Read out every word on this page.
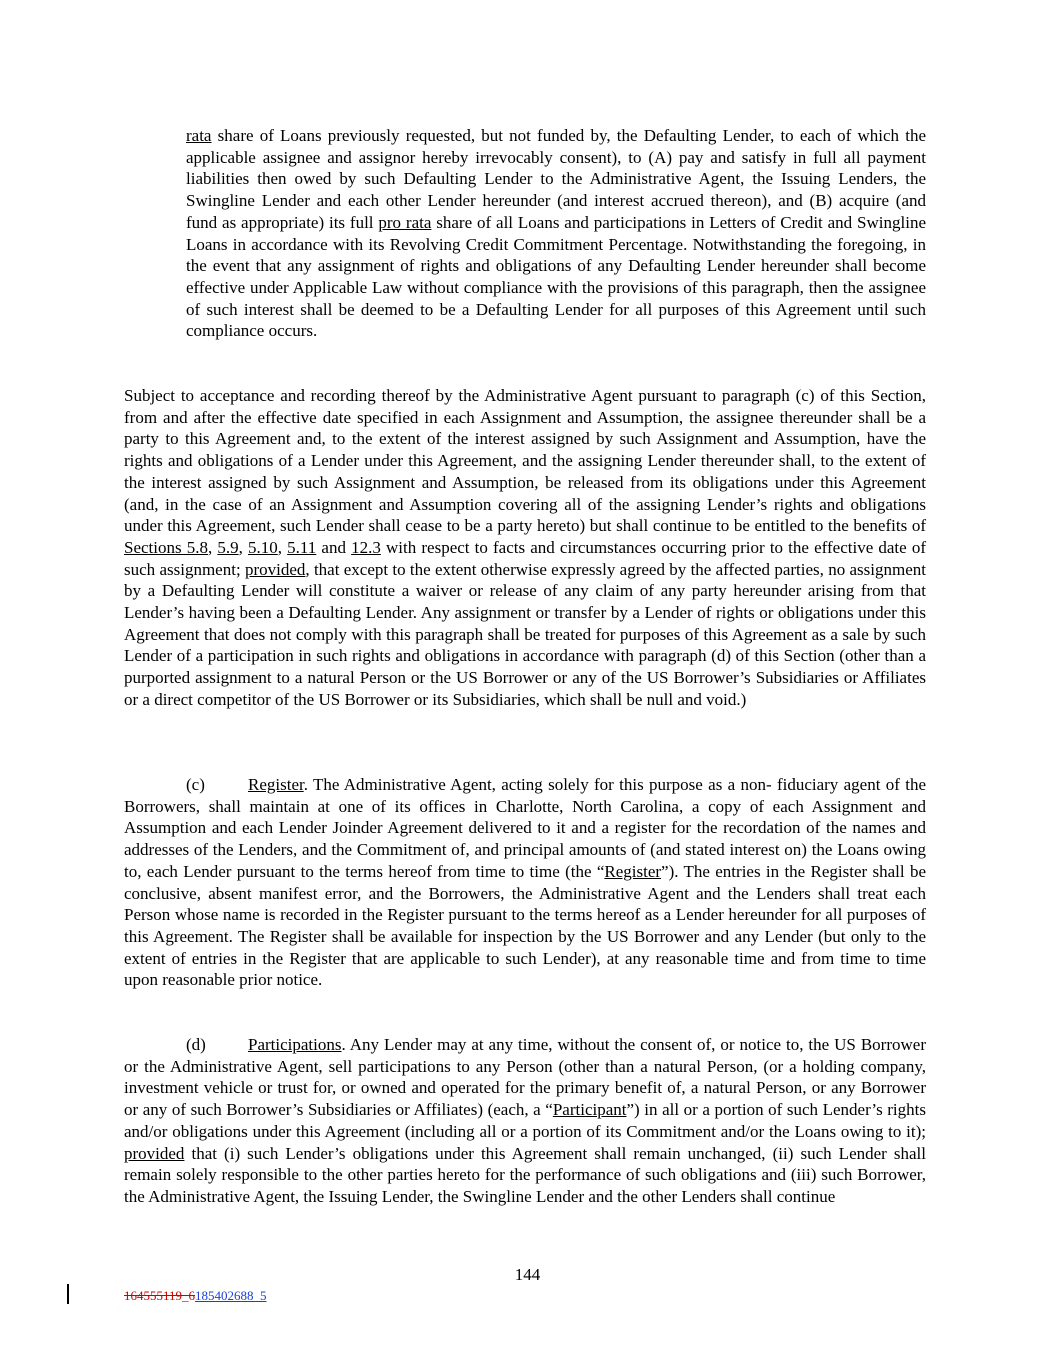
rata share of Loans previously requested, but not funded by, the Defaulting Lender, to each of which the applicable assignee and assignor hereby irrevocably consent), to (A) pay and satisfy in full all payment liabilities then owed by such Defaulting Lender to the Administrative Agent, the Issuing Lenders, the Swingline Lender and each other Lender hereunder (and interest accrued thereon), and (B) acquire (and fund as appropriate) its full pro rata share of all Loans and participations in Letters of Credit and Swingline Loans in accordance with its Revolving Credit Commitment Percentage. Notwithstanding the foregoing, in the event that any assignment of rights and obligations of any Defaulting Lender hereunder shall become effective under Applicable Law without compliance with the provisions of this paragraph, then the assignee of such interest shall be deemed to be a Defaulting Lender for all purposes of this Agreement until such compliance occurs.

Subject to acceptance and recording thereof by the Administrative Agent pursuant to paragraph (c) of this Section, from and after the effective date specified in each Assignment and Assumption, the assignee thereunder shall be a party to this Agreement and, to the extent of the interest assigned by such Assignment and Assumption, have the rights and obligations of a Lender under this Agreement, and the assigning Lender thereunder shall, to the extent of the interest assigned by such Assignment and Assumption, be released from its obligations under this Agreement (and, in the case of an Assignment and Assumption covering all of the assigning Lender’s rights and obligations under this Agreement, such Lender shall cease to be a party hereto) but shall continue to be entitled to the benefits of Sections 5.8, 5.9, 5.10, 5.11 and 12.3 with respect to facts and circumstances occurring prior to the effective date of such assignment; provided, that except to the extent otherwise expressly agreed by the affected parties, no assignment by a Defaulting Lender will constitute a waiver or release of any claim of any party hereunder arising from that Lender’s having been a Defaulting Lender. Any assignment or transfer by a Lender of rights or obligations under this Agreement that does not comply with this paragraph shall be treated for purposes of this Agreement as a sale by such Lender of a participation in such rights and obligations in accordance with paragraph (d) of this Section (other than a purported assignment to a natural Person or the US Borrower or any of the US Borrower’s Subsidiaries or Affiliates or a direct competitor of the US Borrower or its Subsidiaries, which shall be null and void.)

(c)	Register. The Administrative Agent, acting solely for this purpose as a non- fiduciary agent of the Borrowers, shall maintain at one of its offices in Charlotte, North Carolina, a copy of each Assignment and Assumption and each Lender Joinder Agreement delivered to it and a register for the recordation of the names and addresses of the Lenders, and the Commitment of, and principal amounts of (and stated interest on) the Loans owing to, each Lender pursuant to the terms hereof from time to time (the “Register”). The entries in the Register shall be conclusive, absent manifest error, and the Borrowers, the Administrative Agent and the Lenders shall treat each Person whose name is recorded in the Register pursuant to the terms hereof as a Lender hereunder for all purposes of this Agreement. The Register shall be available for inspection by the US Borrower and any Lender (but only to the extent of entries in the Register that are applicable to such Lender), at any reasonable time and from time to time upon reasonable prior notice.

(d) Participations. Any Lender may at any time, without the consent of, or notice to, the US Borrower or the Administrative Agent, sell participations to any Person (other than a natural Person, (or a holding company, investment vehicle or trust for, or owned and operated for the primary benefit of, a natural Person, or any Borrower or any of such Borrower’s Subsidiaries or Affiliates) (each, a “Participant”) in all or a portion of such Lender’s rights and/or obligations under this Agreement (including all or a portion of its Commitment and/or the Loans owing to it); provided that (i) such Lender’s obligations under this Agreement shall remain unchanged, (ii) such Lender shall remain solely responsible to the other parties hereto for the performance of such obligations and (iii) such Borrower, the Administrative Agent, the Issuing Lender, the Swingline Lender and the other Lenders shall continue

144
164555119_6185402688_5
